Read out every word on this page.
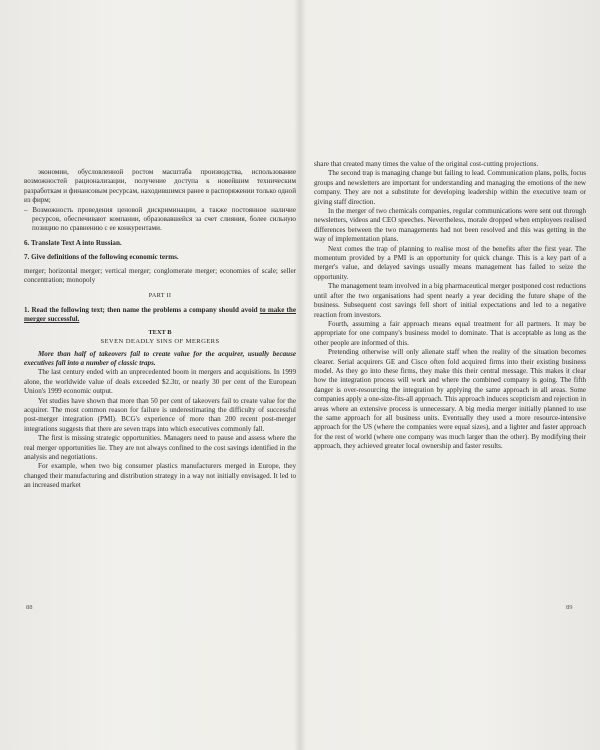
экономии, обусловленной ростом масштаба производства, использование возможностей рационализации, получение доступа к новейшим техническим разработкам и финансовым ресурсам, находившимся ранее в распоряжении только одной из фирм;

– Возможность проведения ценовой дискриминации, а также постоянное наличие ресурсов, обеспечивают компании, образовавшейся за счет слияния, более сильную позицию по сравнению с ее конкурентами.

6. Translate Text A into Russian.

7. Give definitions of the following economic terms.

merger; horizontal merger; vertical merger; conglomerate merger; economies of scale; seller concentration; monopoly

PART II

1. Read the following text; then name the problems a company should avoid to make the merger successful.

TEXT B

SEVEN DEADLY SINS OF MERGERS

More than half of takeovers fail to create value for the acquirer, usually because executives fall into a number of classic traps.

The last century ended with an unprecedented boom in mergers and acquisitions. In 1999 alone, the worldwide value of deals exceeded $2.3tr, or nearly 30 per cent of the European Union's 1999 economic output.

Yet studies have shown that more than 50 per cent of takeovers fail to create value for the acquirer. The most common reason for failure is underestimating the difficulty of successful post-merger integration (PMI). BCG's experience of more than 200 recent post-merger integrations suggests that there are seven traps into which executives commonly fall.

The first is missing strategic opportunities. Managers need to pause and assess where the real merger opportunities lie. They are not always confined to the cost savings identified in the analysis and negotiations.

For example, when two big consumer plastics manufacturers merged in Europe, they changed their manufacturing and distribution strategy in a way not initially envisaged. It led to an increased market

share that created many times the value of the original cost-cutting projections.

The second trap is managing change but failing to lead. Communication plans, polls, focus groups and newsletters are important for understanding and managing the emotions of the new company. They are not a substitute for developing leadership within the executive team or giving staff direction.

In the merger of two chemicals companies, regular communications were sent out through newsletters, videos and CEO speeches. Nevertheless, morale dropped when employees realised differences between the two managements had not been resolved and this was getting in the way of implementation plans.

Next comes the trap of planning to realise most of the benefits after the first year. The momentum provided by a PMI is an opportunity for quick change. This is a key part of a merger's value, and delayed savings usually means management has failed to seize the opportunity.

The management team involved in a big pharmaceutical merger postponed cost reductions until after the two organisations had spent nearly a year deciding the future shape of the business. Subsequent cost savings fell short of initial expectations and led to a negative reaction from investors.

Fourth, assuming a fair approach means equal treatment for all partners. It may be appropriate for one company's business model to dominate. That is acceptable as long as the other people are informed of this.

Pretending otherwise will only alienate staff when the reality of the situation becomes clearer. Serial acquirers GE and Cisco often fold acquired firms into their existing business model. As they go into these firms, they make this their central message. This makes it clear how the integration process will work and where the combined company is going. The fifth danger is over-resourcing the integration by applying the same approach in all areas. Some companies apply a one-size-fits-all approach. This approach induces scepticism and rejection in areas where an extensive process is unnecessary. A big media merger initially planned to use the same approach for all business units. Eventually they used a more resource-intensive approach for the US (where the companies were equal sizes), and a lighter and faster approach for the rest of world (where one company was much larger than the other). By modifying their approach, they achieved greater local ownership and faster results.

88	89
